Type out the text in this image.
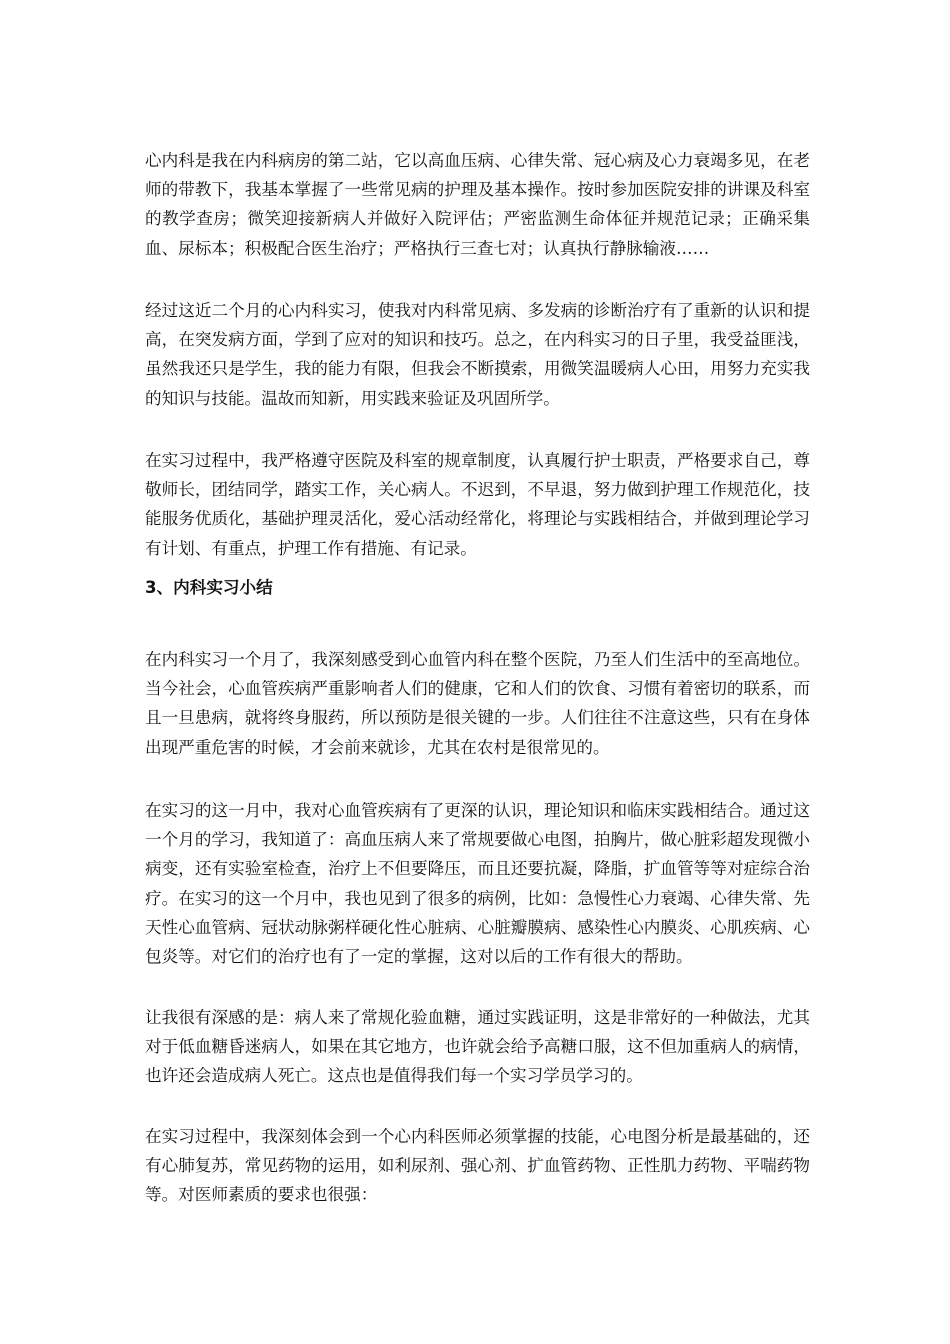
心内科是我在内科病房的第二站，它以高血压病、心律失常、冠心病及心力衰竭多见，在老师的带教下，我基本掌握了一些常见病的护理及基本操作。按时参加医院安排的讲课及科室的教学查房；微笑迎接新病人并做好入院评估；严密监测生命体征并规范记录；正确采集血、尿标本；积极配合医生治疗；严格执行三查七对；认真执行静脉输液……

经过这近二个月的心内科实习，使我对内科常见病、多发病的诊断治疗有了重新的认识和提高，在突发病方面，学到了应对的知识和技巧。总之，在内科实习的日子里，我受益匪浅，虽然我还只是学生，我的能力有限，但我会不断摸索，用微笑温暖病人心田，用努力充实我的知识与技能。温故而知新，用实践来验证及巩固所学。

在实习过程中，我严格遵守医院及科室的规章制度，认真履行护士职责，严格要求自己，尊敬师长，团结同学，踏实工作，关心病人。不迟到，不早退，努力做到护理工作规范化，技能服务优质化，基础护理灵活化，爱心活动经常化，将理论与实践相结合，并做到理论学习有计划、有重点，护理工作有措施、有记录。

3、内科实习小结

在内科实习一个月了，我深刻感受到心血管内科在整个医院，乃至人们生活中的至高地位。当今社会，心血管疾病严重影响者人们的健康，它和人们的饮食、习惯有着密切的联系，而且一旦患病，就将终身服药，所以预防是很关键的一步。人们往往不注意这些，只有在身体出现严重危害的时候，才会前来就诊，尤其在农村是很常见的。

在实习的这一月中，我对心血管疾病有了更深的认识，理论知识和临床实践相结合。通过这一个月的学习，我知道了：高血压病人来了常规要做心电图，拍胸片，做心脏彩超发现微小病变，还有实验室检查，治疗上不但要降压，而且还要抗凝，降脂，扩血管等等对症综合治疗。在实习的这一个月中，我也见到了很多的病例，比如：急慢性心力衰竭、心律失常、先天性心血管病、冠状动脉粥样硬化性心脏病、心脏瓣膜病、感染性心内膜炎、心肌疾病、心包炎等。对它们的治疗也有了一定的掌握，这对以后的工作有很大的帮助。

让我很有深感的是：病人来了常规化验血糖，通过实践证明，这是非常好的一种做法，尤其对于低血糖昏迷病人，如果在其它地方，也许就会给予高糖口服，这不但加重病人的病情，也许还会造成病人死亡。这点也是值得我们每一个实习学员学习的。

在实习过程中，我深刻体会到一个心内科医师必须掌握的技能，心电图分析是最基础的，还有心肺复苏，常见药物的运用，如利尿剂、强心剂、扩血管药物、正性肌力药物、平喘药物等。对医师素质的要求也很强：
